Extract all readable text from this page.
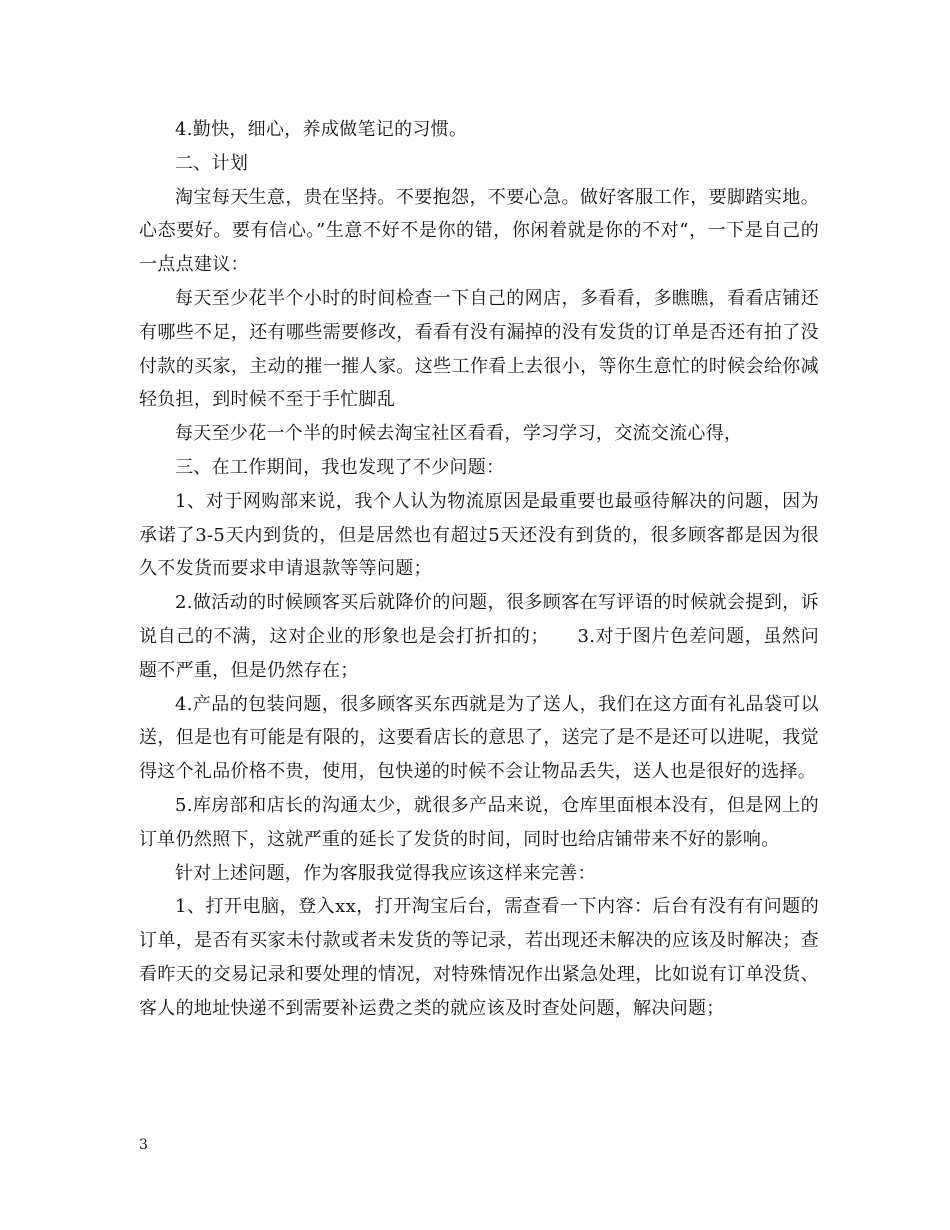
4.勤快，细心，养成做笔记的习惯。

二、计划

淘宝每天生意，贵在坚持。不要抱怨，不要心急。做好客服工作，要脚踏实地。心态要好。要有信心。”生意不好不是你的错，你闲着就是你的不对“，一下是自己的一点点建议：

每天至少花半个小时的时间检查一下自己的网店，多看看，多瞧瞧，看看店铺还有哪些不足，还有哪些需要修改，看看有没有漏掉的没有发货的订单是否还有拍了没付款的买家，主动的摧一摧人家。这些工作看上去很小，等你生意忙的时候会给你减轻负担，到时候不至于手忙脚乱

每天至少花一个半的时候去淘宝社区看看，学习学习，交流交流心得，

三、在工作期间，我也发现了不少问题：

1、对于网购部来说，我个人认为物流原因是最重要也最亟待解决的问题，因为承诺了3-5天内到货的，但是居然也有超过5天还没有到货的，很多顾客都是因为很久不发货而要求申请退款等等问题；

2.做活动的时候顾客买后就降价的问题，很多顾客在写评语的时候就会提到，诉说自己的不满，这对企业的形象也是会打折扣的；　　3.对于图片色差问题，虽然问题不严重，但是仍然存在；

4.产品的包装问题，很多顾客买东西就是为了送人，我们在这方面有礼品袋可以送，但是也有可能是有限的，这要看店长的意思了，送完了是不是还可以进呢，我觉得这个礼品价格不贵，使用，包快递的时候不会让物品丢失，送人也是很好的选择。

5.库房部和店长的沟通太少，就很多产品来说，仓库里面根本没有，但是网上的订单仍然照下，这就严重的延长了发货的时间，同时也给店铺带来不好的影响。

针对上述问题，作为客服我觉得我应该这样来完善：

1、打开电脑，登入xx，打开淘宝后台，需查看一下内容：后台有没有有问题的订单，是否有买家未付款或者未发货的等记录，若出现还未解决的应该及时解决；查看昨天的交易记录和要处理的情况，对特殊情况作出紧急处理，比如说有订单没货、客人的地址快递不到需要补运费之类的就应该及时查处问题，解决问题；

3
